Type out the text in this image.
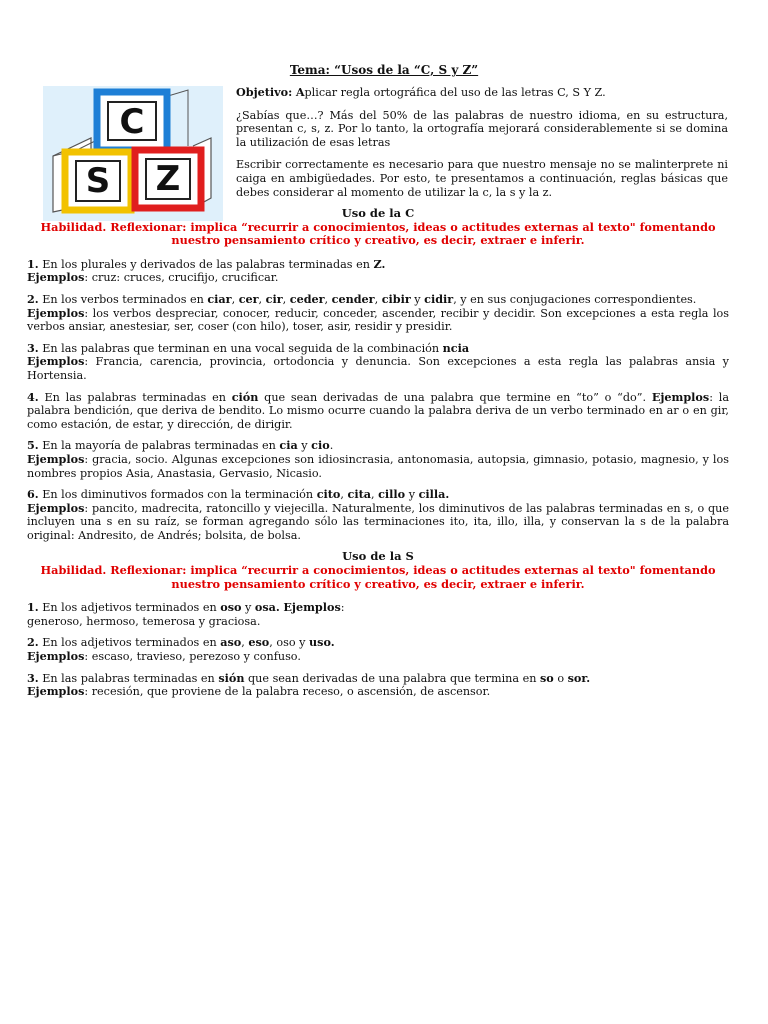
Tema: “Usos de la “C, S y Z”
C
S Z

Objetivo: Aplicar regla ortográfica del uso de las letras C, S Y Z.

¿Sabías que…? Más del 50% de las palabras de nuestro idioma, en su estructura, presentan c, s, z. Por lo tanto, la ortografía mejorará considerablemente si se domina la utilización de esas letras

Escribir correctamente es necesario para que nuestro mensaje no se malinterprete ni caiga en ambigüedades. Por esto, te presentamos a continuación, reglas básicas que debes considerar al momento de utilizar la c, la s y la z.

Uso de la C
Habilidad. Reflexionar: implica “recurrir a conocimientos, ideas o actitudes externas al texto" fomentando nuestro pensamiento crítico y creativo, es decir, extraer e inferir.
1. En los plurales y derivados de las palabras terminadas en Z.
Ejemplos: cruz: cruces, crucifijo, crucificar.
2. En los verbos terminados en ciar, cer, cir, ceder, cender, cibir y cidir, y en sus conjugaciones correspondientes.
Ejemplos: los verbos despreciar, conocer, reducir, conceder, ascender, recibir y decidir. Son excepciones a esta regla los verbos ansiar, anestesiar, ser, coser (con hilo), toser, asir, residir y presidir.
3. En las palabras que terminan en una vocal seguida de la combinación ncia
Ejemplos: Francia, carencia, provincia, ortodoncia y denuncia. Son excepciones a esta regla las palabras ansia y Hortensia.
4. En las palabras terminadas en ción que sean derivadas de una palabra que termine en “to” o “do”. Ejemplos: la palabra bendición, que deriva de bendito. Lo mismo ocurre cuando la palabra deriva de un verbo terminado en ar o en gir, como estación, de estar, y dirección, de dirigir.
5. En la mayoría de palabras terminadas en cia y cio.
Ejemplos: gracia, socio. Algunas excepciones son idiosincrasia, antonomasia, autopsia, gimnasio, potasio, magnesio, y los nombres propios Asia, Anastasia, Gervasio, Nicasio.
6. En los diminutivos formados con la terminación cito, cita, cillo y cilla.
Ejemplos: pancito, madrecita, ratoncillo y viejecilla. Naturalmente, los diminutivos de las palabras terminadas en s, o que incluyen una s en su raíz, se forman agregando sólo las terminaciones ito, ita, illo, illa, y conservan la s de la palabra original: Andresito, de Andrés; bolsita, de bolsa.
Uso de la S
Habilidad. Reflexionar: implica “recurrir a conocimientos, ideas o actitudes externas al texto" fomentando nuestro pensamiento crítico y creativo, es decir, extraer e inferir.
1. En los adjetivos terminados en oso y osa. Ejemplos:
generoso, hermoso, temerosa y graciosa.
2. En los adjetivos terminados en aso, eso, oso y uso.
Ejemplos: escaso, travieso, perezoso y confuso.
3. En las palabras terminadas en sión que sean derivadas de una palabra que termina en so o sor.
Ejemplos: recesión, que proviene de la palabra receso, o ascensión, de ascensor.
